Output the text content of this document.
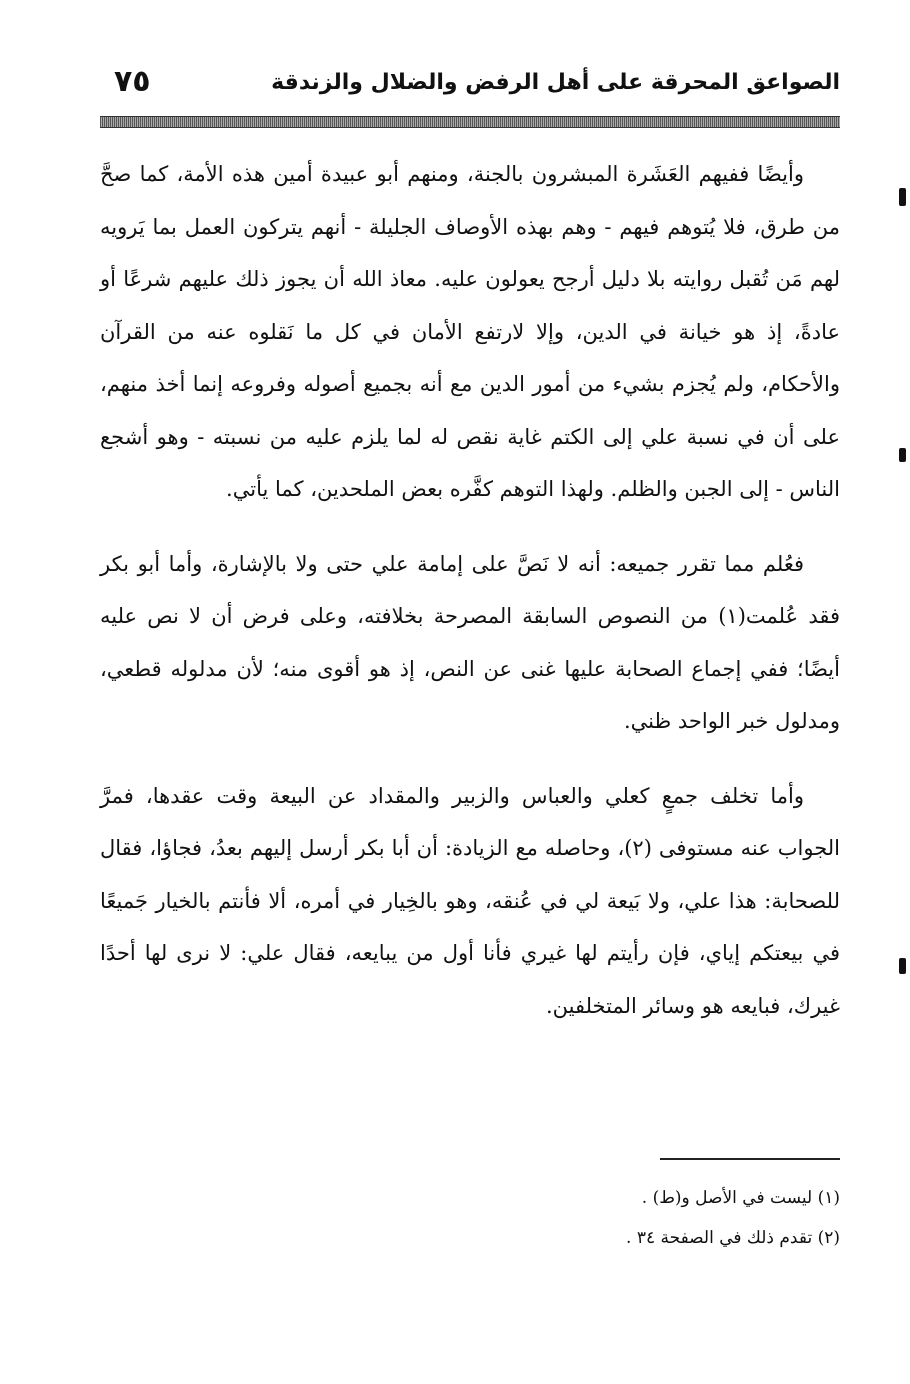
الصواعق المحرقة على أهل الرفض والضلال والزندقة
٧٥

وأيضًا ففيهم العَشَرة المبشرون بالجنة، ومنهم أبو عبيدة أمين هذه الأمة، كما صحَّ من طرق، فلا يُتوهم فيهم - وهم بهذه الأوصاف الجليلة - أنهم يتركون العمل بما يَرويه لهم مَن تُقبل روايته بلا دليل أرجح يعولون عليه. معاذ الله أن يجوز ذلك عليهم شرعًا أو عادةً، إذ هو خيانة في الدين، وإلا لارتفع الأمان في كل ما نَقلوه عنه من القرآن والأحكام، ولم يُجزم بشيء من أمور الدين مع أنه بجميع أصوله وفروعه إنما أخذ منهم، على أن في نسبة علي إلى الكتم غاية نقص له لما يلزم عليه من نسبته - وهو أشجع الناس - إلى الجبن والظلم. ولهذا التوهم كفَّره بعض الملحدين، كما يأتي.

فعُلم مما تقرر جميعه: أنه لا نَصَّ على إمامة علي حتى ولا بالإشارة، وأما أبو بكر فقد عُلمت(١) من النصوص السابقة المصرحة بخلافته، وعلى فرض أن لا نص عليه أيضًا؛ ففي إجماع الصحابة عليها غنى عن النص، إذ هو أقوى منه؛ لأن مدلوله قطعي، ومدلول خبر الواحد ظني.

وأما تخلف جمعٍ كعلي والعباس والزبير والمقداد عن البيعة وقت عقدها، فمرَّ الجواب عنه مستوفى (٢)، وحاصله مع الزيادة: أن أبا بكر أرسل إليهم بعدُ، فجاؤا، فقال للصحابة: هذا علي، ولا بَيعة لي في عُنقه، وهو بالخِيار في أمره، ألا فأنتم بالخيار جَميعًا في بيعتكم إياي، فإن رأيتم لها غيري فأنا أول من يبايعه، فقال علي: لا نرى لها أحدًا غيرك، فبايعه هو وسائر المتخلفين.

(١) ليست في الأصل و(ط) .

(٢) تقدم ذلك في الصفحة ٣٤ .
